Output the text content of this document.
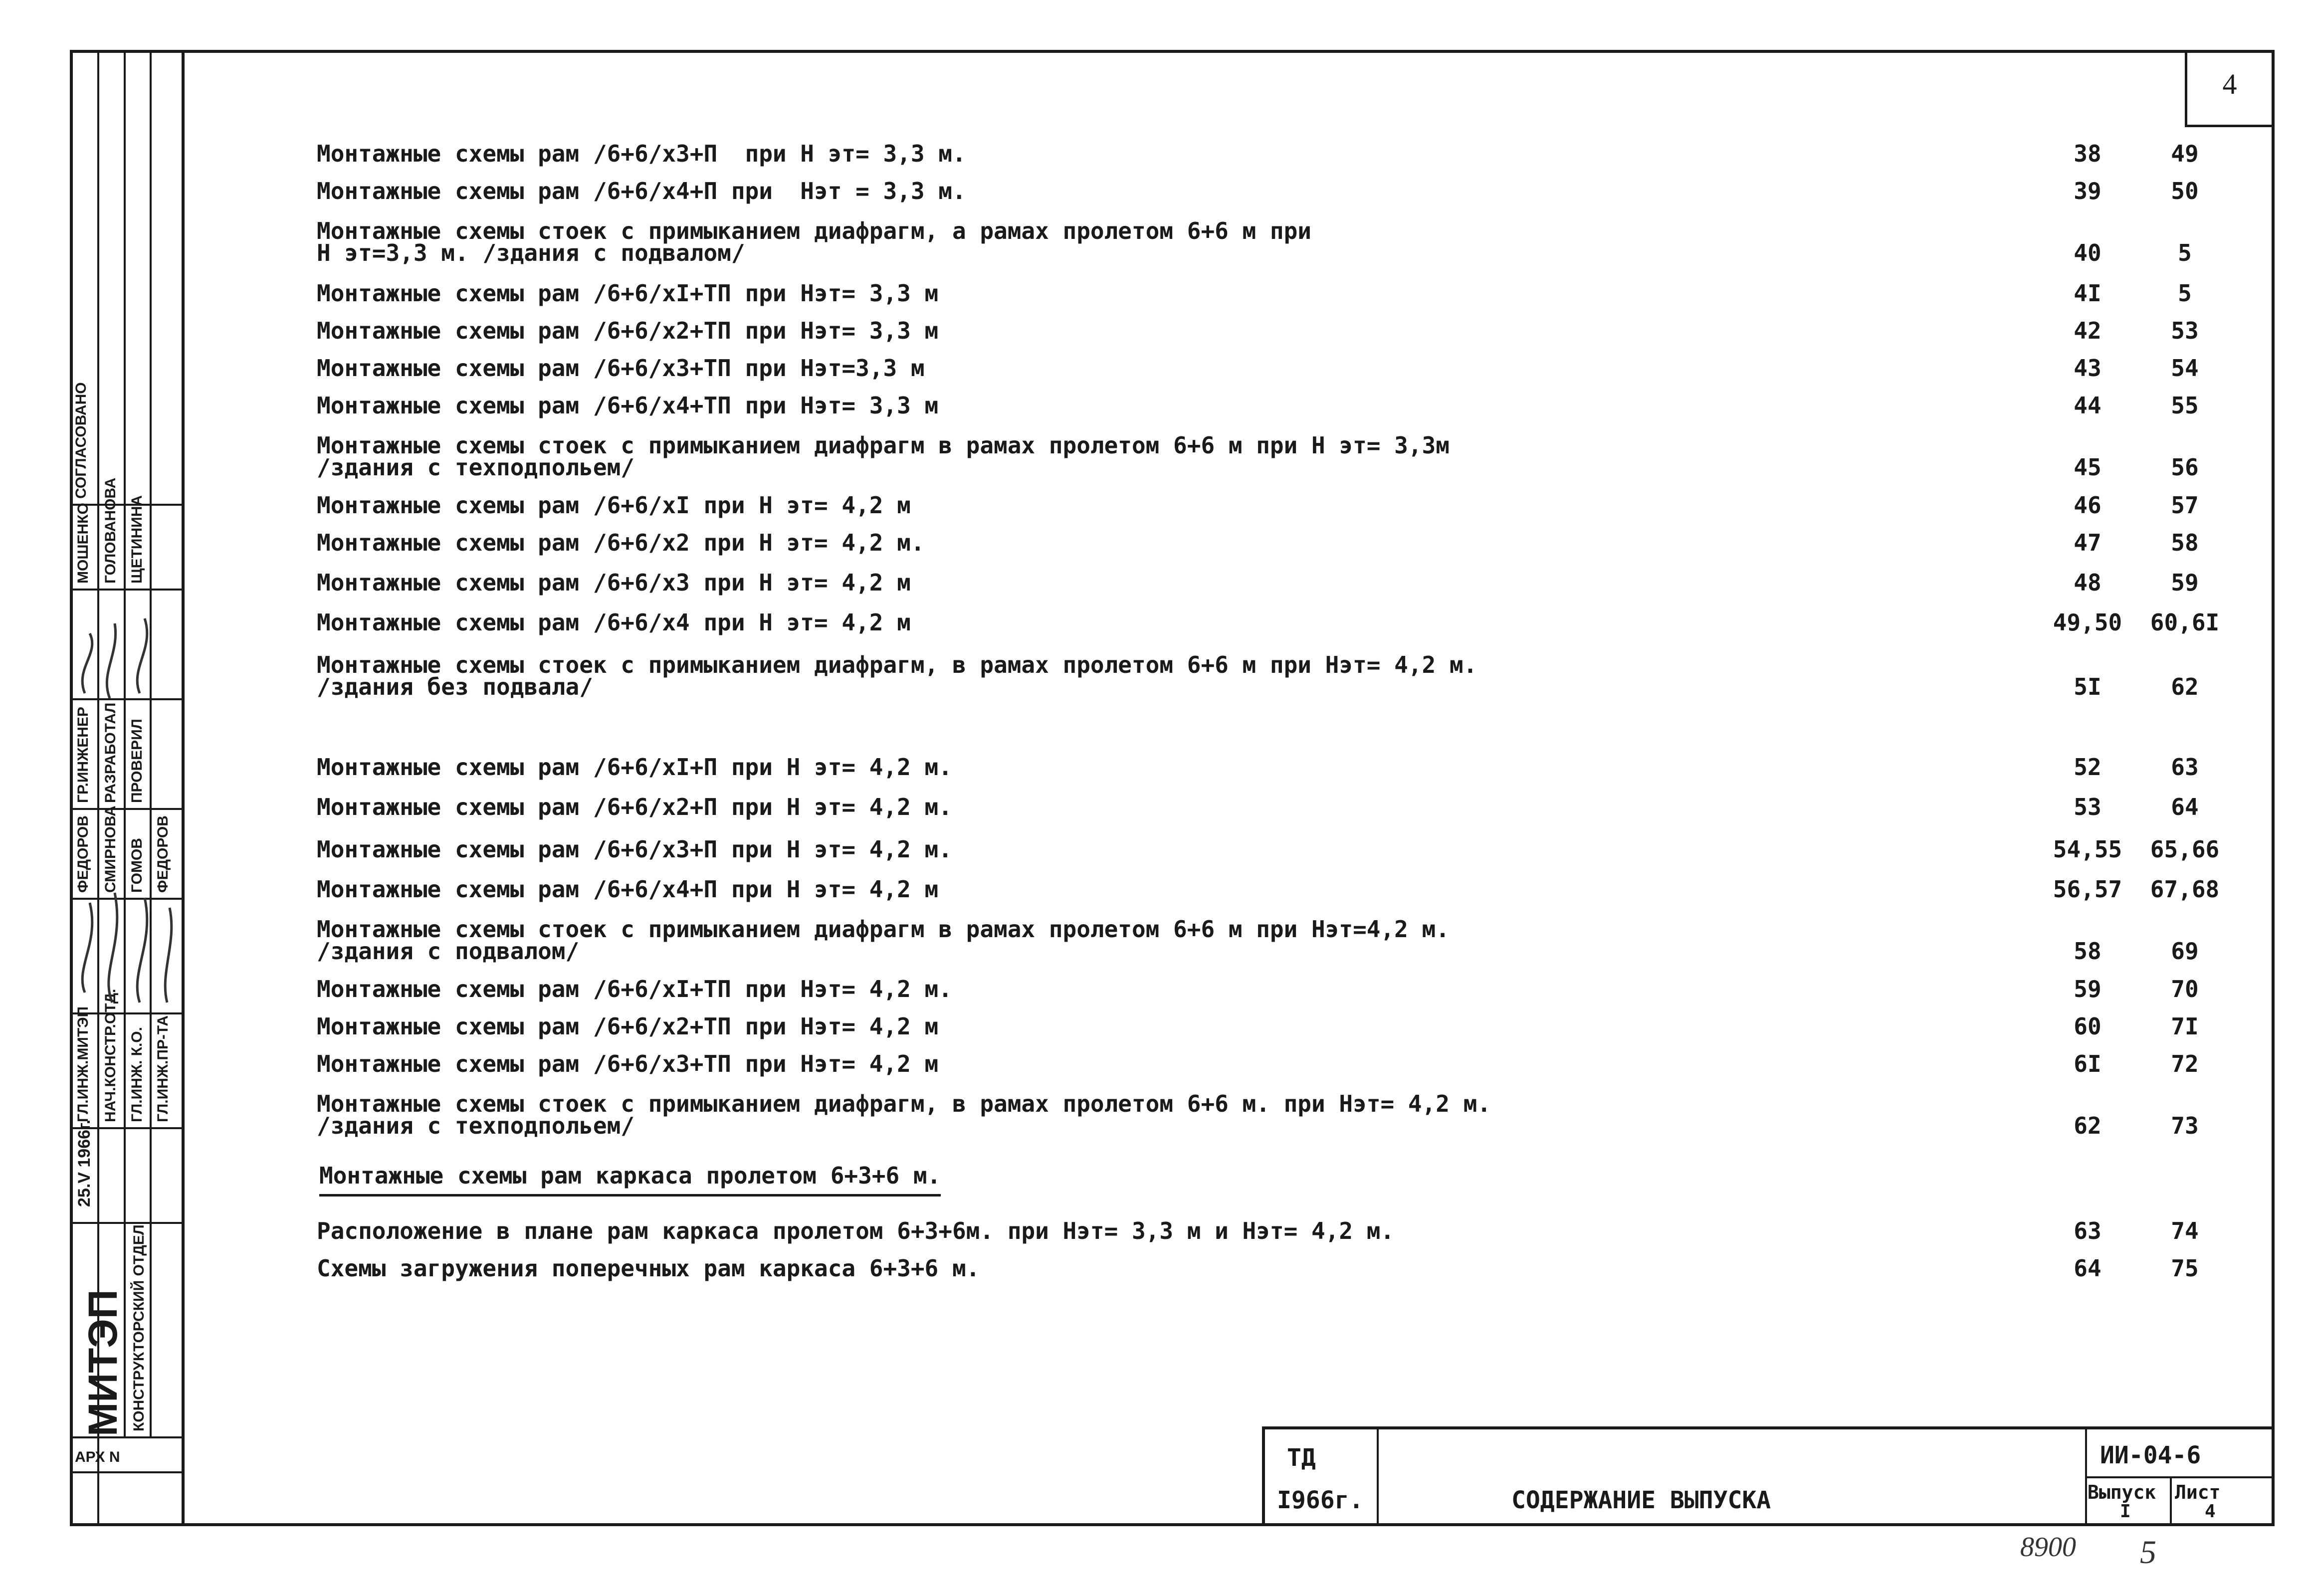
МИТЭП КОНСТРУКТОРСКИЙ ОТДЕЛ
25.V 1966г.
АРХ N
СОГЛАСОВАНО
ГЛ.ИНЖ.МИТЭП НАЧ.КОНСТР.ОТД. ГЛ.ИНЖ. К.О. ГЛ.ИНЖ.ПР-ТА
ГР.ИНЖЕНЕР РАЗРАБОТАЛ ПРОВЕРИЛ
ФЕДОРОВ СМИРНОВА ГОМОВ ФЕДОРОВ
МОШЕНКО ГОЛОВАНОВА ЩЕТИНИНА
4
Монтажные схемы рам /6+6/х3+П  при Н эт= 3,3 м.	38	49
Монтажные схемы рам /6+6/х4+П при  Нэт = 3,3 м.	39	50
Монтажные схемы стоек с примыканием диафрагм, а рамах пролетом 6+6 м при
Н эт=3,3 м. /здания с подвалом/	40	5
Монтажные схемы рам /6+6/хI+ТП при Нэт= 3,3 м	4I	5
Монтажные схемы рам /6+6/х2+ТП при Нэт= 3,3 м	42	53
Монтажные схемы рам /6+6/х3+ТП при Нэт=3,3 м	43	54
Монтажные схемы рам /6+6/х4+ТП при Нэт= 3,3 м	44	55
Монтажные схемы стоек с примыканием диафрагм в рамах пролетом 6+6 м при Н эт= 3,3м
/здания с техподпольем/	45	56
Монтажные схемы рам /6+6/хI при Н эт= 4,2 м	46	57
Монтажные схемы рам /6+6/х2 при Н эт= 4,2 м.	47	58
Монтажные схемы рам /6+6/х3 при Н эт= 4,2 м	48	59
Монтажные схемы рам /6+6/х4 при Н эт= 4,2 м	49,50	60,6I
Монтажные схемы стоек с примыканием диафрагм, в рамах пролетом 6+6 м при Нэт= 4,2 м.
/здания без подвала/	5I	62
Монтажные схемы рам /6+6/хI+П при Н эт= 4,2 м.	52	63
Монтажные схемы рам /6+6/х2+П при Н эт= 4,2 м.	53	64
Монтажные схемы рам /6+6/х3+П при Н эт= 4,2 м.	54,55	65,66
Монтажные схемы рам /6+6/х4+П при Н эт= 4,2 м	56,57	67,68
Монтажные схемы стоек с примыканием диафрагм в рамах пролетом 6+6 м при Нэт=4,2 м.
/здания с подвалом/	58	69
Монтажные схемы рам /6+6/хI+ТП при Нэт= 4,2 м.	59	70
Монтажные схемы рам /6+6/х2+ТП при Нэт= 4,2 м	60	7I
Монтажные схемы рам /6+6/х3+ТП при Нэт= 4,2 м	6I	72
Монтажные схемы стоек с примыканием диафрагм, в рамах пролетом 6+6 м. при Нэт= 4,2 м.
/здания с техподпольем/	62	73
Монтажные схемы рам каркаса пролетом 6+3+6 м.
Расположение в плане рам каркаса пролетом 6+3+6м. при Нэт= 3,3 м и Нэт= 4,2 м.	63	74
Схемы загружения поперечных рам каркаса 6+3+6 м.	64	75
ТД
I966г.	СОДЕРЖАНИЕ ВЫПУСКА
ИИ-04-6
Выпуск Лист
I	4
8900 5
